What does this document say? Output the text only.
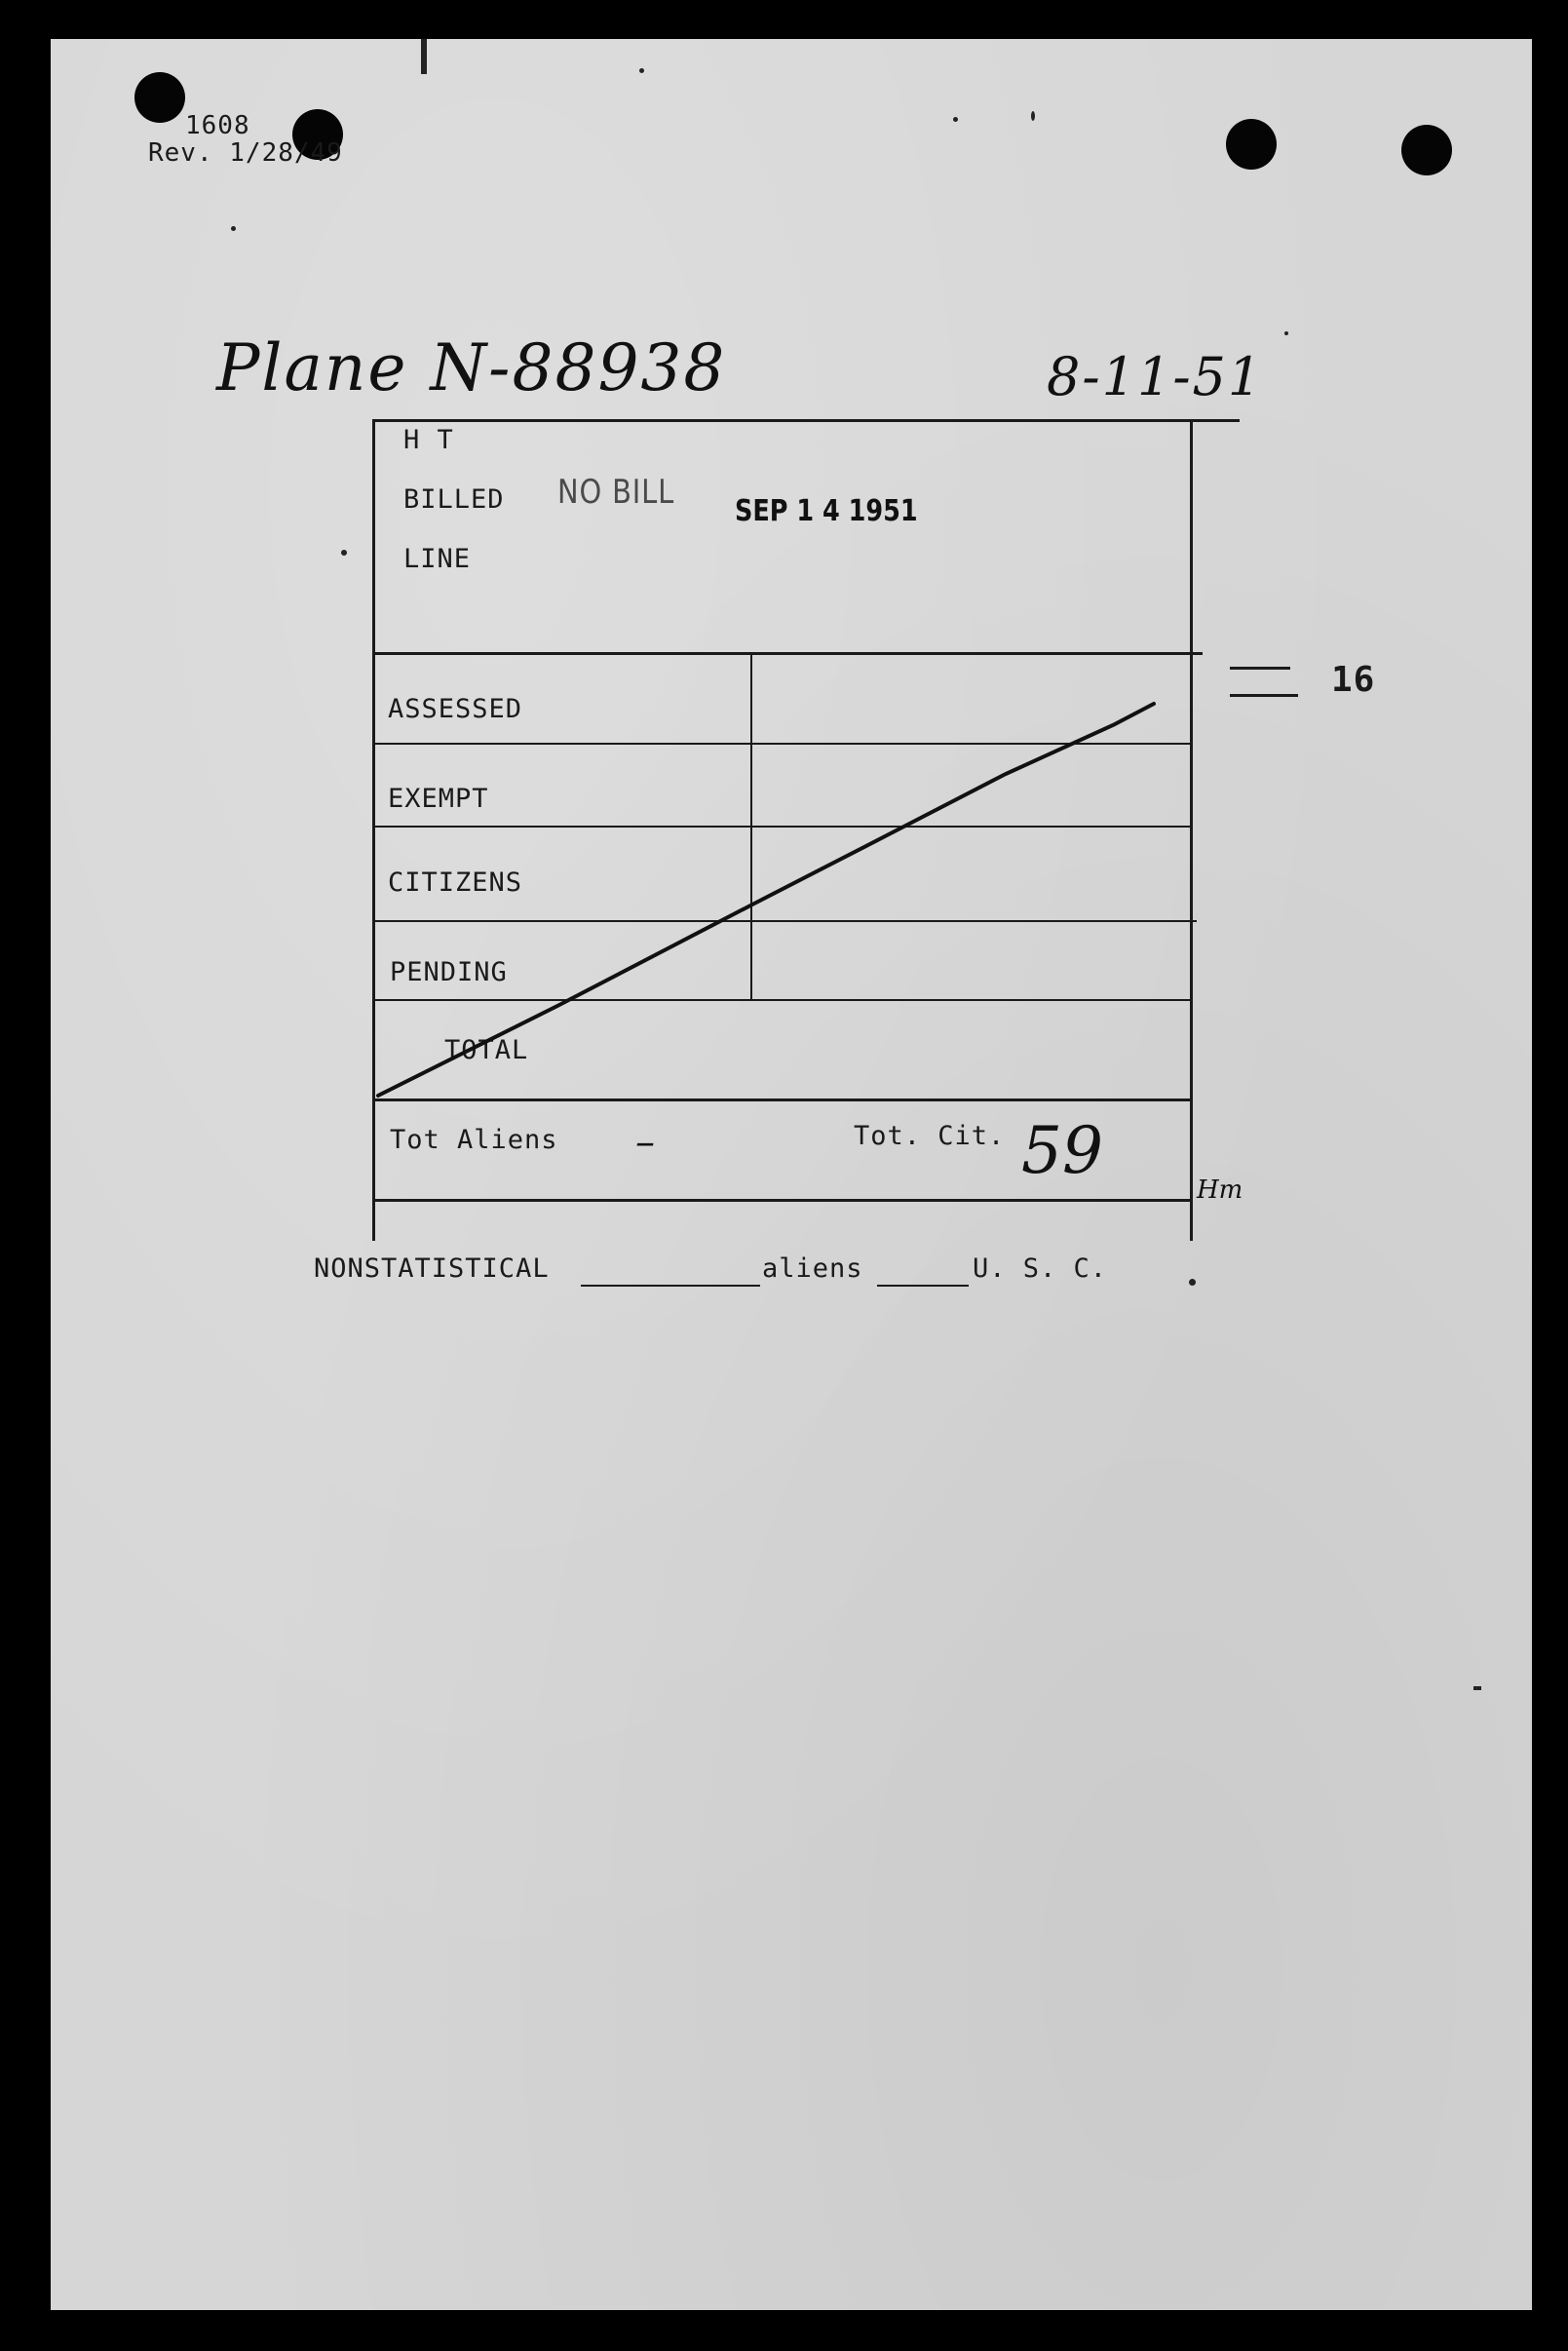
1608
Rev. 1/28/49
Plane N-88938	8-11-51
H T
BILLED
LINE
NO BILL SEP 1 4 1951
ASSESSED
EXEMPT
CITIZENS
PENDING
TOTAL
Tot Aliens –	Tot. Cit. 59
Hm
16
NONSTATISTICAL	aliens	U. S. C.
